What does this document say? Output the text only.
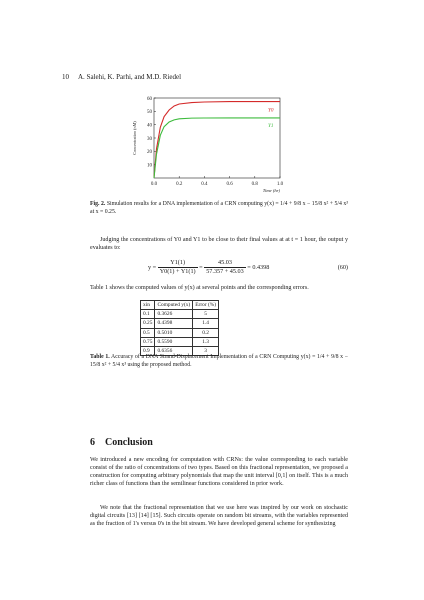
10 A. Salehi, K. Parhi, and M.D. Riedel
0.0	0.2	0.4	0.6	0.8	1.0
10
20
30
40
50
60
Concentration (nM)
Time (hr)
Y0
Y1
Fig. 2. Simulation results for a DNA implementation of a CRN computing y(x) = 1/4 + 9/8 x − 15/8 x² + 5/4 x³ at x = 0.25.
Judging the concentrations of Y0 and Y1 to be close to their final values at at t = 1 hour, the output y evaluates to:
$y = \frac{Y1(1)}{Y0(1) + Y1(1)} = \frac{45.03}{57.357 + 45.03} = 0.4398$	(60)
Table 1 shows the computed values of y(x) at several points and the corresponding errors.
xin	Computed y(x)	Error (%)
0.1	0.3626	5
0.25	0.4398	1.4
0.5	0.5010	0.2
0.75	0.5590	1.3
0.9	0.6356	3
Table 1. Accuracy of a DNA Strand-Displacement Implementation of a CRN Computing y(x) = 1/4 + 9/8 x − 15/8 x² + 5/4 x³ using the proposed method.
6 Conclusion
We introduced a new encoding for computation with CRNs: the value corresponding to each variable consist of the ratio of concentrations of two types. Based on this fractional representation, we proposed a construction for computing arbitrary polynomials that map the unit interval [0,1] on itself. This is a much richer class of functions than the semilinear functions considered in prior work.
We note that the fractional representation that we use here was inspired by our work on stochastic digital circuits [13] [14] [15]. Such circuits operate on random bit streams, with the variables represented as the fraction of 1's versus 0's in the bit stream. We have developed general scheme for synthesizing
